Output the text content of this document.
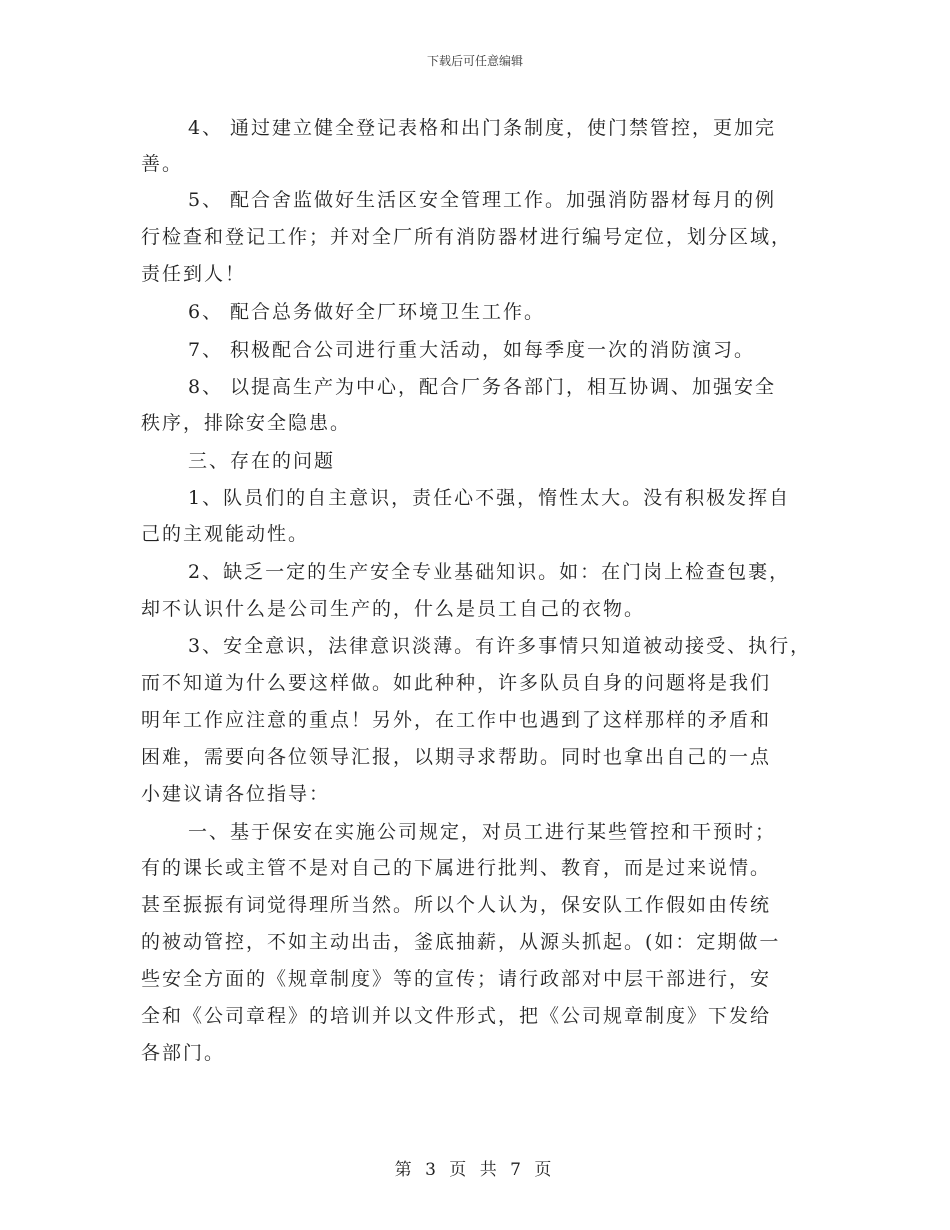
下载后可任意编辑
4、 通过建立健全登记表格和出门条制度，使门禁管控，更加完
善。
5、 配合舍监做好生活区安全管理工作。加强消防器材每月的例
行检查和登记工作；并对全厂所有消防器材进行编号定位，划分区域，
责任到人！
6、 配合总务做好全厂环境卫生工作。
7、 积极配合公司进行重大活动，如每季度一次的消防演习。
8、 以提高生产为中心，配合厂务各部门，相互协调、加强安全
秩序，排除安全隐患。
三、存在的问题
1、队员们的自主意识，责任心不强，惰性太大。没有积极发挥自
己的主观能动性。
2、缺乏一定的生产安全专业基础知识。如：在门岗上检查包裹，
却不认识什么是公司生产的，什么是员工自己的衣物。
3、安全意识，法律意识淡薄。有许多事情只知道被动接受、执行，
而不知道为什么要这样做。如此种种，许多队员自身的问题将是我们
明年工作应注意的重点！另外，在工作中也遇到了这样那样的矛盾和
困难，需要向各位领导汇报，以期寻求帮助。同时也拿出自己的一点
小建议请各位指导：
一、基于保安在实施公司规定，对员工进行某些管控和干预时；
有的课长或主管不是对自己的下属进行批判、教育，而是过来说情。
甚至振振有词觉得理所当然。所以个人认为，保安队工作假如由传统
的被动管控，不如主动出击，釜底抽薪，从源头抓起。(如：定期做一
些安全方面的《规章制度》等的宣传；请行政部对中层干部进行，安
全和《公司章程》的培训并以文件形式，把《公司规章制度》下发给
各部门。
第 3 页 共 7 页
